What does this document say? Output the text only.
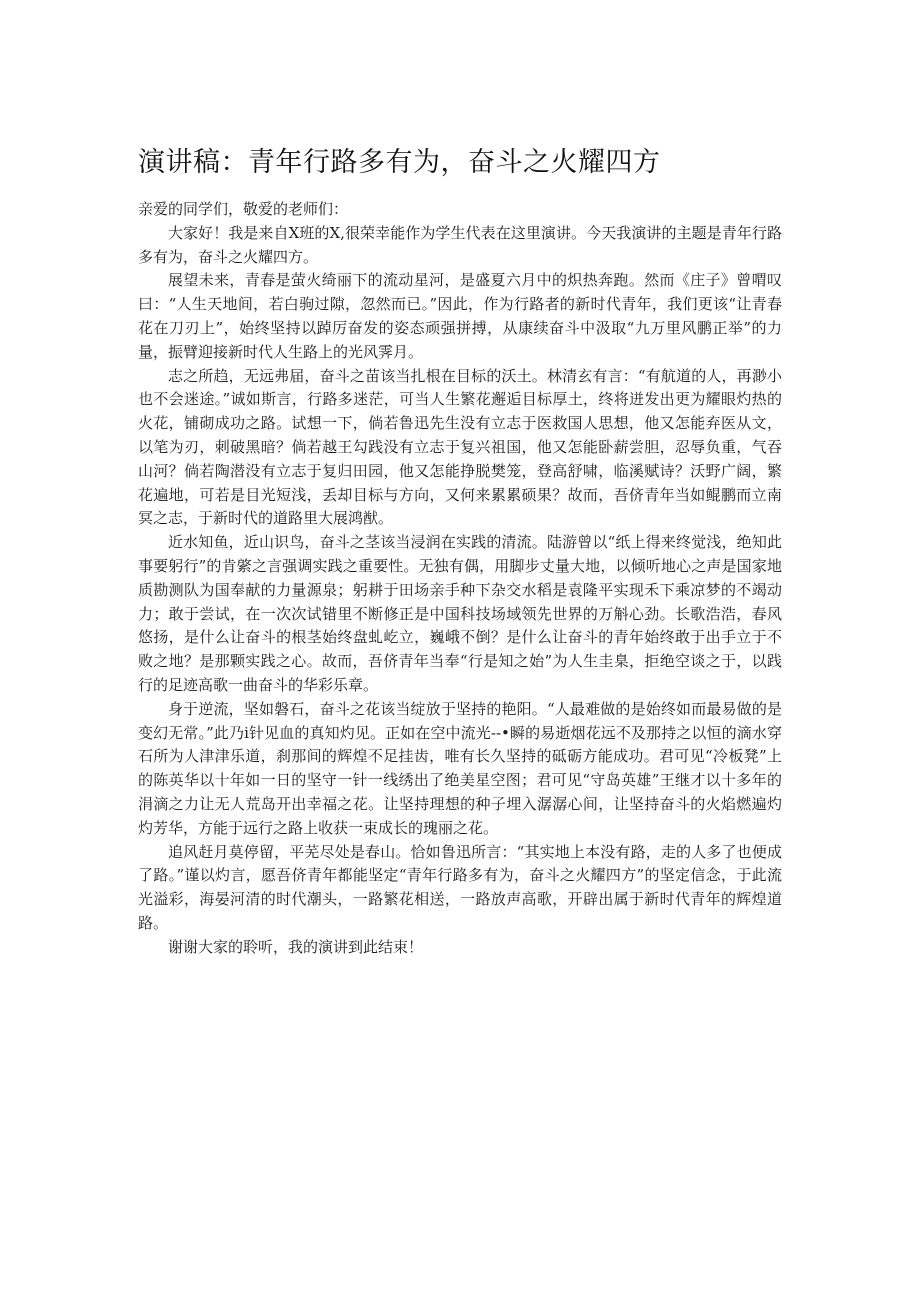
演讲稿：青年行路多有为，奋斗之火耀四方

亲爱的同学们，敬爱的老师们：

大家好！我是来自X班的X,很荣幸能作为学生代表在这里演讲。今天我演讲的主题是青年行路多有为，奋斗之火耀四方。

展望未来，青春是萤火绮丽下的流动星河，是盛夏六月中的炽热奔跑。然而《庄子》曾喟叹曰：“人生天地间，若白驹过隙，忽然而已。”因此，作为行路者的新时代青年，我们更该“让青春花在刀刃上”，始终坚持以踔厉奋发的姿态顽强拼搏，从康续奋斗中汲取“九万里风鹏正举”的力量，振臂迎接新时代人生路上的光风霁月。

志之所趋，无远弗届，奋斗之苗该当扎根在目标的沃土。林清玄有言：“有航道的人，再渺小也不会迷途。”诚如斯言，行路多迷茫，可当人生繁花邂逅目标厚土，终将迸发出更为耀眼灼热的火花，铺砌成功之路。试想一下，倘若鲁迅先生没有立志于医救国人思想，他又怎能弃医从文，以笔为刃，刺破黑暗？倘若越王勾践没有立志于复兴祖国，他又怎能卧薪尝胆，忍辱负重，气吞山河？倘若陶潜没有立志于复归田园，他又怎能挣脱樊笼，登高舒啸，临溪赋诗？沃野广阔，繁花遍地，可若是目光短浅，丢却目标与方向，又何来累累硕果？故而，吾侪青年当如鲲鹏而立南冥之志，于新时代的道路里大展鸿猷。

近水知鱼，近山识鸟，奋斗之茎该当浸润在实践的清流。陆游曾以“纸上得来终觉浅，绝知此事要躬行”的肯綮之言强调实践之重要性。无独有偶，用脚步丈量大地，以倾听地心之声是国家地质勘测队为国奉献的力量源泉；躬耕于田场亲手种下杂交水稻是袁隆平实现禾下乘凉梦的不竭动力；敢于尝试，在一次次试错里不断修正是中国科技场域领先世界的万斛心劲。长歌浩浩，春风悠扬，是什么让奋斗的根茎始终盘虬屹立，巍峨不倒？是什么让奋斗的青年始终敢于出手立于不败之地？是那颗实践之心。故而，吾侪青年当奉“行是知之始”为人生圭臬，拒绝空谈之于，以践行的足迹高歌一曲奋斗的华彩乐章。

身于逆流，坚如磐石，奋斗之花该当绽放于坚持的艳阳。“人最难做的是始终如而最易做的是变幻无常。”此乃i针见血的真知灼见。正如在空中流光--•瞬的易逝烟花远不及那持之以恒的滴水穿石所为人津津乐道，刹那间的辉煌不足挂齿，唯有长久坚持的砥砺方能成功。君可见“冷板凳”上的陈英华以十年如一日的坚守一针一线绣出了绝美星空图；君可见“守岛英雄”王继才以十多年的涓滴之力让无人荒岛开出幸福之花。让坚持理想的种子埋入潺潺心间，让坚持奋斗的火焰燃遍灼灼芳华，方能于远行之路上收获一束成长的瑰丽之花。

追风赶月莫停留，平芜尽处是春山。恰如鲁迅所言：“其实地上本没有路，走的人多了也便成了路。”谨以灼言，愿吾侪青年都能坚定“青年行路多有为，奋斗之火耀四方”的坚定信念，于此流光溢彩，海晏河清的时代潮头，一路繁花相送，一路放声高歌，开辟出属于新时代青年的辉煌道路。

谢谢大家的聆听，我的演讲到此结束！
